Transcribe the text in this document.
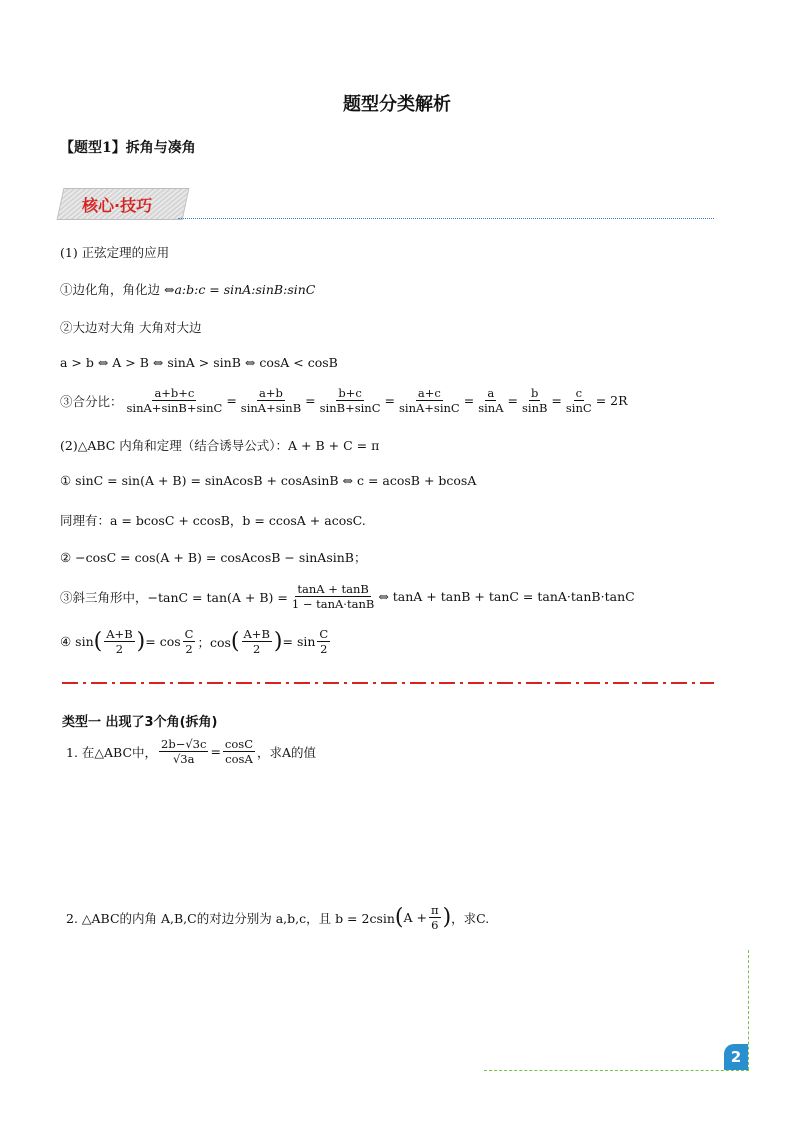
题型分类解析
【题型1】拆角与凑角
核心·技巧
(1) 正弦定理的应用
①边化角，角化边 ⇔ a:b:c = sinA:sinB:sinC
②大边对大角 大角对大边
a > b ⇔ A > B ⇔ sinA > sinB ⇔ cosA < cosB
③合分比： $\frac{a+b+c}{\sin A+\sin B+\sin C} = \frac{a+b}{\sin A+\sin B} = \frac{b+c}{\sin B+\sin C} = \frac{a+c}{\sin A+\sin C} = \frac{a}{\sin A} = \frac{b}{\sin B} = \frac{c}{\sin C} = 2R$
(2)△ABC 内角和定理（结合诱导公式）：A + B + C = π
① sinC = sin(A + B) = sinAcosB + cosAsinB ⇔ c = acosB + bcosA
同理有：a = bcosC + ccosB，b = ccosA + acosC.
② −cosC = cos(A + B) = cosAcosB − sinAsinB；
③斜三角形中，$-\tan C = \tan(A + B) = \frac{\tan A + \tan B}{1 - \tan A\cdot\tan B}$ ⇔ tanA + tanB + tanC = tanA·tanB·tanC
④ sin ( $\frac{A+B}{2}$ ) = $\cos \frac{C}{2}$ ；cos ( $\frac{A+B}{2}$ ) = $\sin \frac{C}{2}$
类型一 出现了3个角(拆角)
1. 在△ABC中， $\frac{2b-√3c}{√3a} = \frac{\cos C}{\cos A}$ ，求A的值
2. △ABC的内角 A,B,C的对边分别为 a,b,c，且 b = 2csin ( $A + \frac{\pi}{6}$ ) ，求C.
2
